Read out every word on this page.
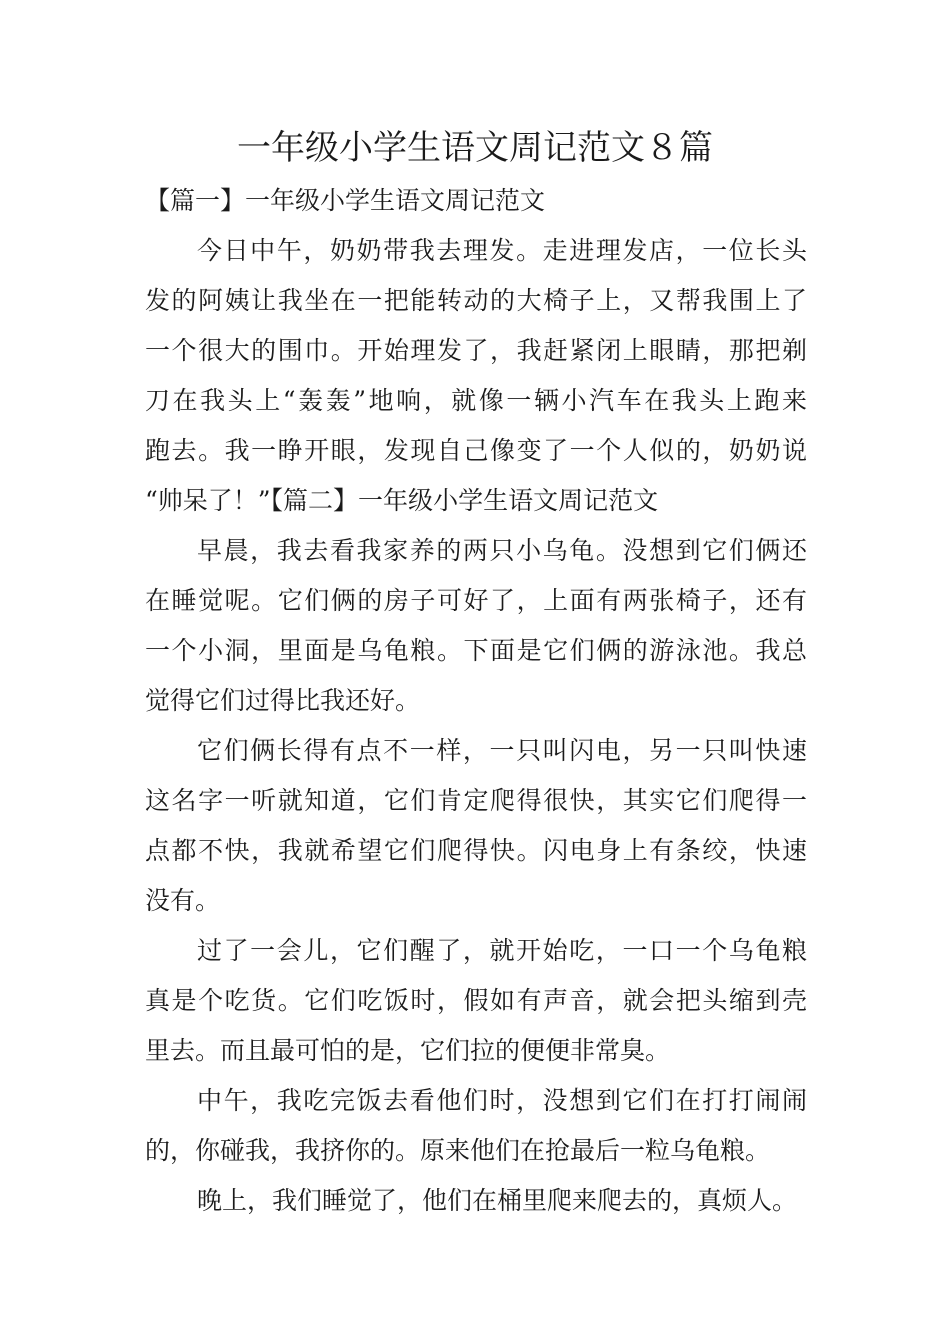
一年级小学生语文周记范文８篇
【篇一】一年级小学生语文周记范文
今日中午，奶奶带我去理发。走进理发店，一位长头
发的阿姨让我坐在一把能转动的大椅子上，又帮我围上了
一个很大的围巾。开始理发了，我赶紧闭上眼睛，那把剃
刀在我头上“轰轰”地响，就像一辆小汽车在我头上跑来
跑去。我一睁开眼，发现自己像变了一个人似的，奶奶说
“帅呆了！”【篇二】一年级小学生语文周记范文
早晨，我去看我家养的两只小乌龟。没想到它们俩还
在睡觉呢。它们俩的房子可好了，上面有两张椅子，还有
一个小洞，里面是乌龟粮。下面是它们俩的游泳池。我总
觉得它们过得比我还好。
它们俩长得有点不一样，一只叫闪电，另一只叫快速
这名字一听就知道，它们肯定爬得很快，其实它们爬得一
点都不快，我就希望它们爬得快。闪电身上有条绞，快速
没有。
过了一会儿，它们醒了，就开始吃，一口一个乌龟粮
真是个吃货。它们吃饭时，假如有声音，就会把头缩到壳
里去。而且最可怕的是，它们拉的便便非常臭。
中午，我吃完饭去看他们时，没想到它们在打打闹闹
的，你碰我，我挤你的。原来他们在抢最后一粒乌龟粮。
晚上，我们睡觉了，他们在桶里爬来爬去的，真烦人。
